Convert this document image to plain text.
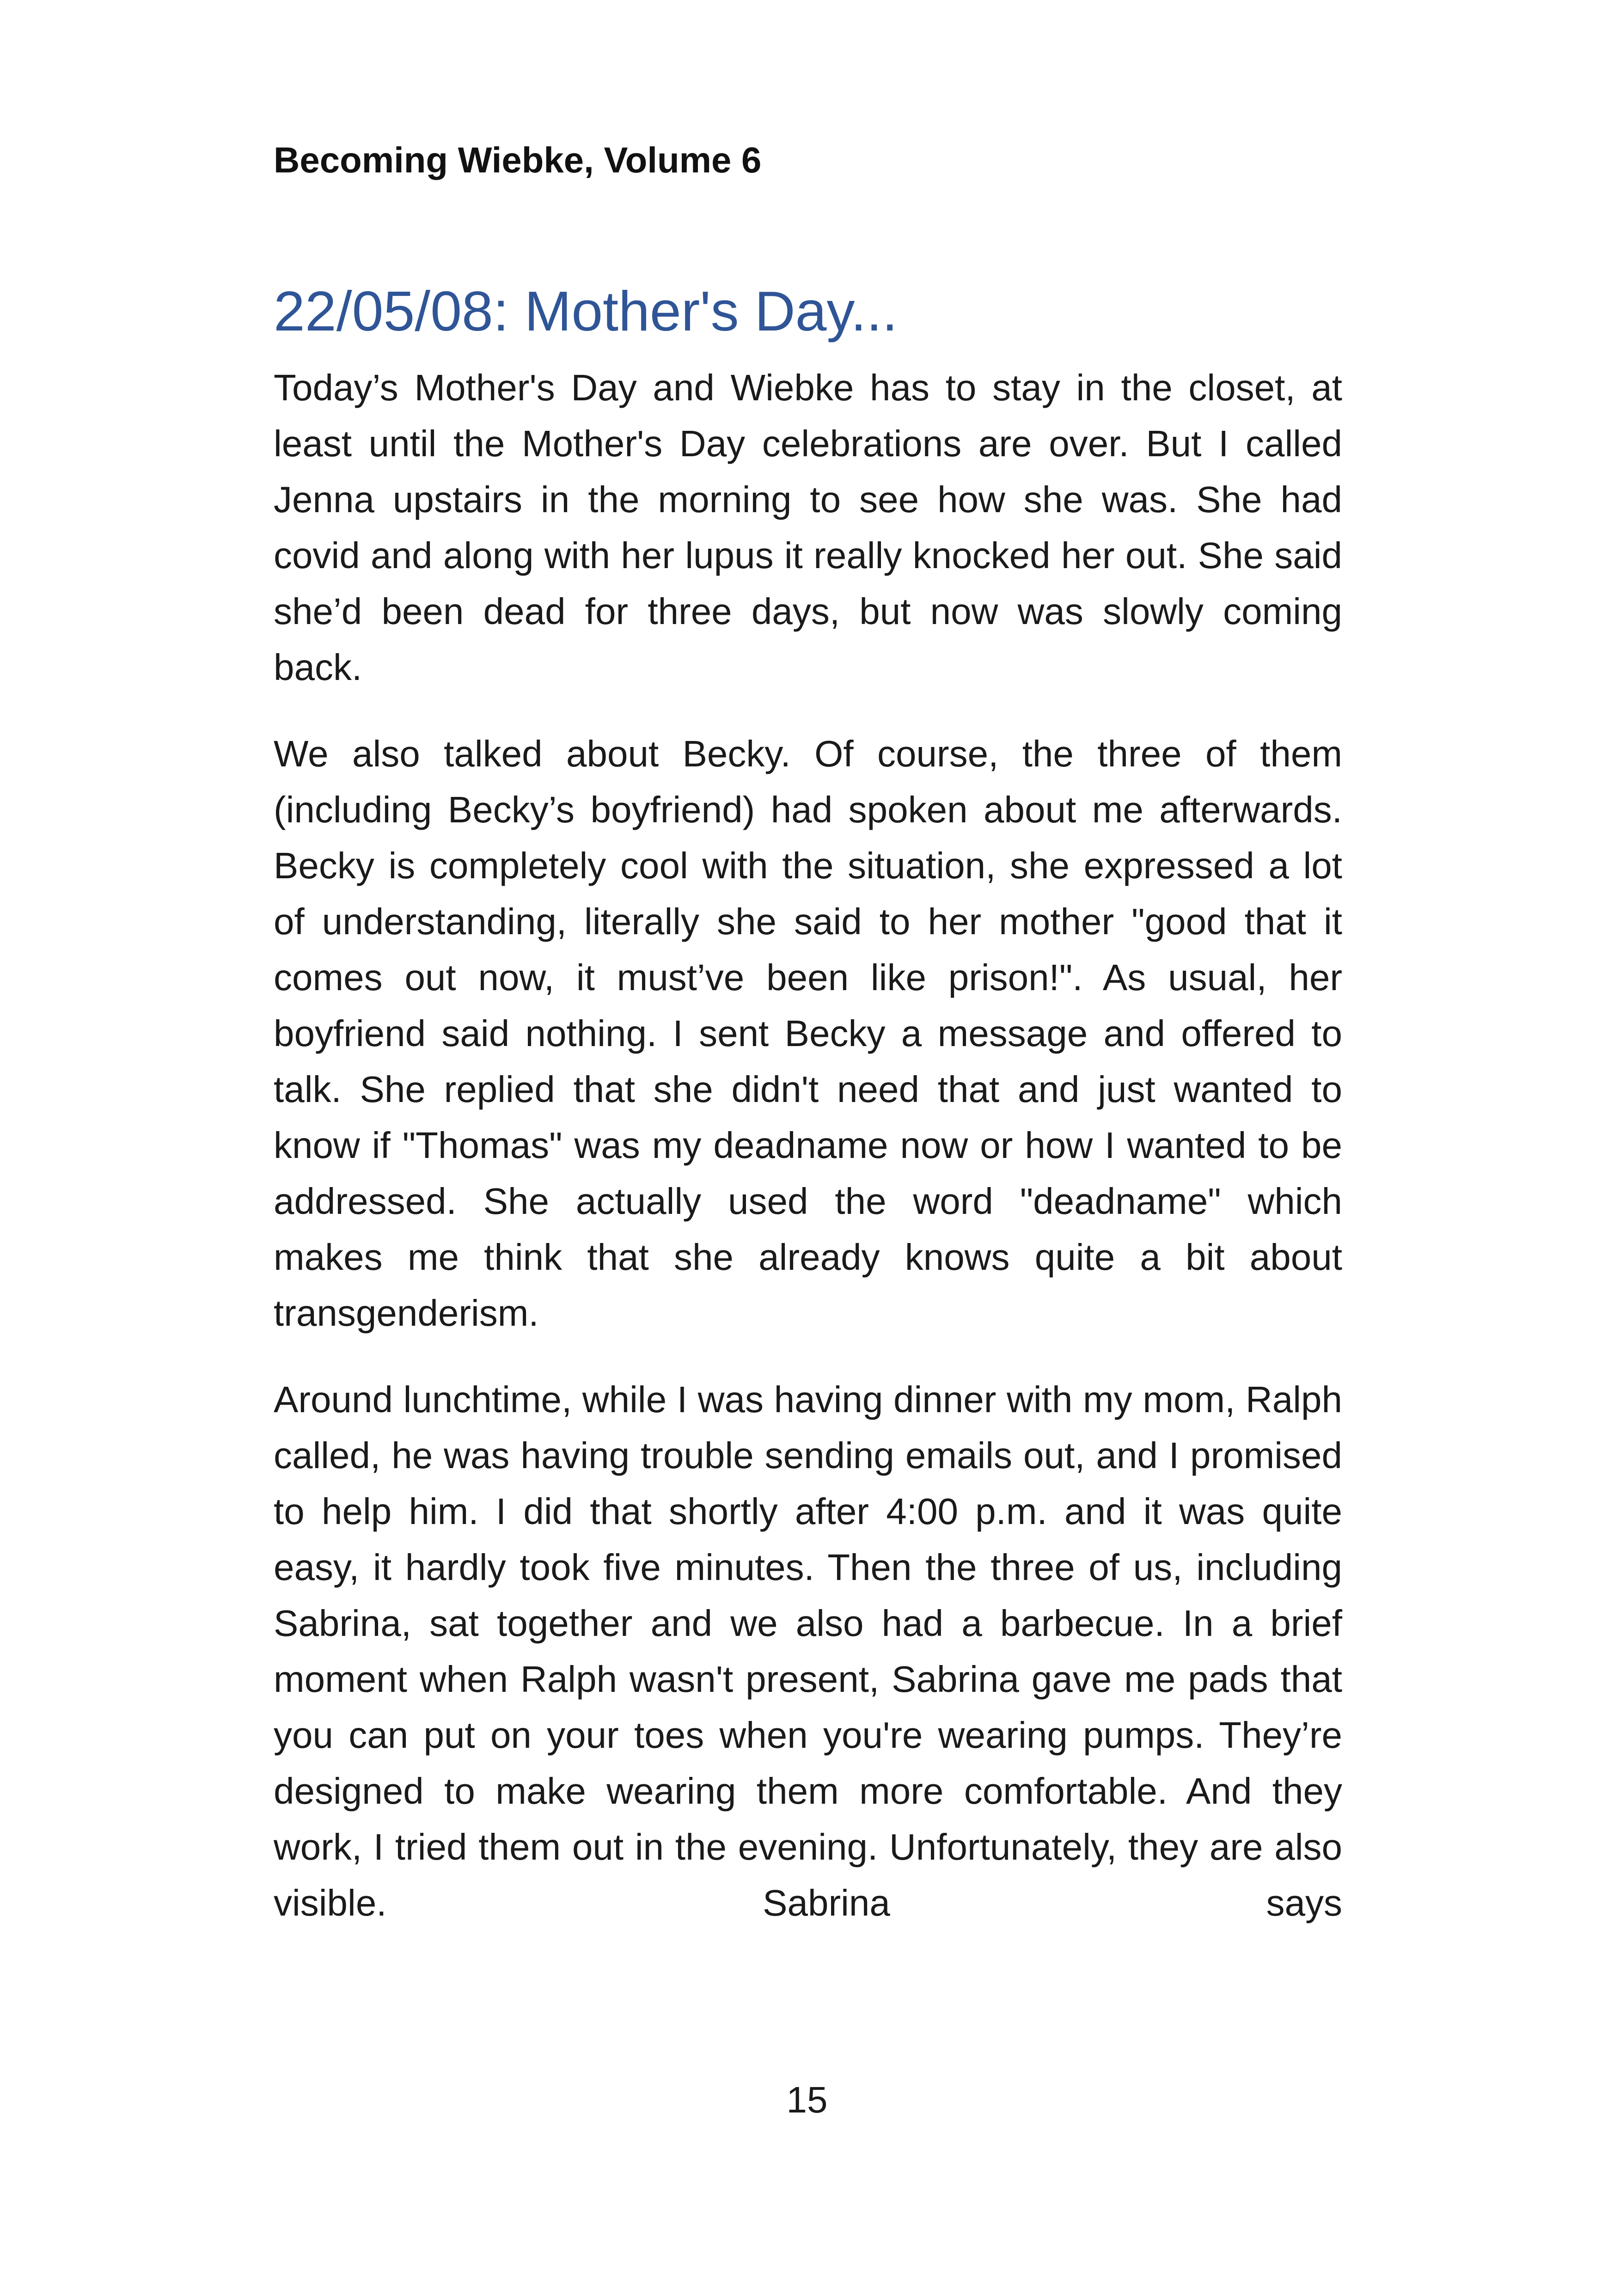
Becoming Wiebke, Volume 6
22/05/08: Mother's Day...

Today’s Mother's Day and Wiebke has to stay in the closet, at least until the Mother's Day celebrations are over. But I called Jenna upstairs in the morning to see how she was. She had covid and along with her lupus it really knocked her out. She said she’d been dead for three days, but now was slowly coming back.

We also talked about Becky. Of course, the three of them (including Becky’s boyfriend) had spoken about me afterwards. Becky is completely cool with the situation, she expressed a lot of understanding, literally she said to her mother "good that it comes out now, it must’ve been like prison!". As usual, her boyfriend said nothing. I sent Becky a message and offered to talk. She replied that she didn't need that and just wanted to know if "Thomas" was my deadname now or how I wanted to be addressed. She actually used the word "deadname" which makes me think that she already knows quite a bit about transgenderism.

Around lunchtime, while I was having dinner with my mom, Ralph called, he was having trouble sending emails out, and I promised to help him. I did that shortly after 4:00 p.m. and it was quite easy, it hardly took five minutes. Then the three of us, including Sabrina, sat together and we also had a barbecue. In a brief moment when Ralph wasn't present, Sabrina gave me pads that you can put on your toes when you're wearing pumps. They’re designed to make wearing them more comfortable. And they work, I tried them out in the evening. Unfortunately, they are also visible. Sabrina says

15
